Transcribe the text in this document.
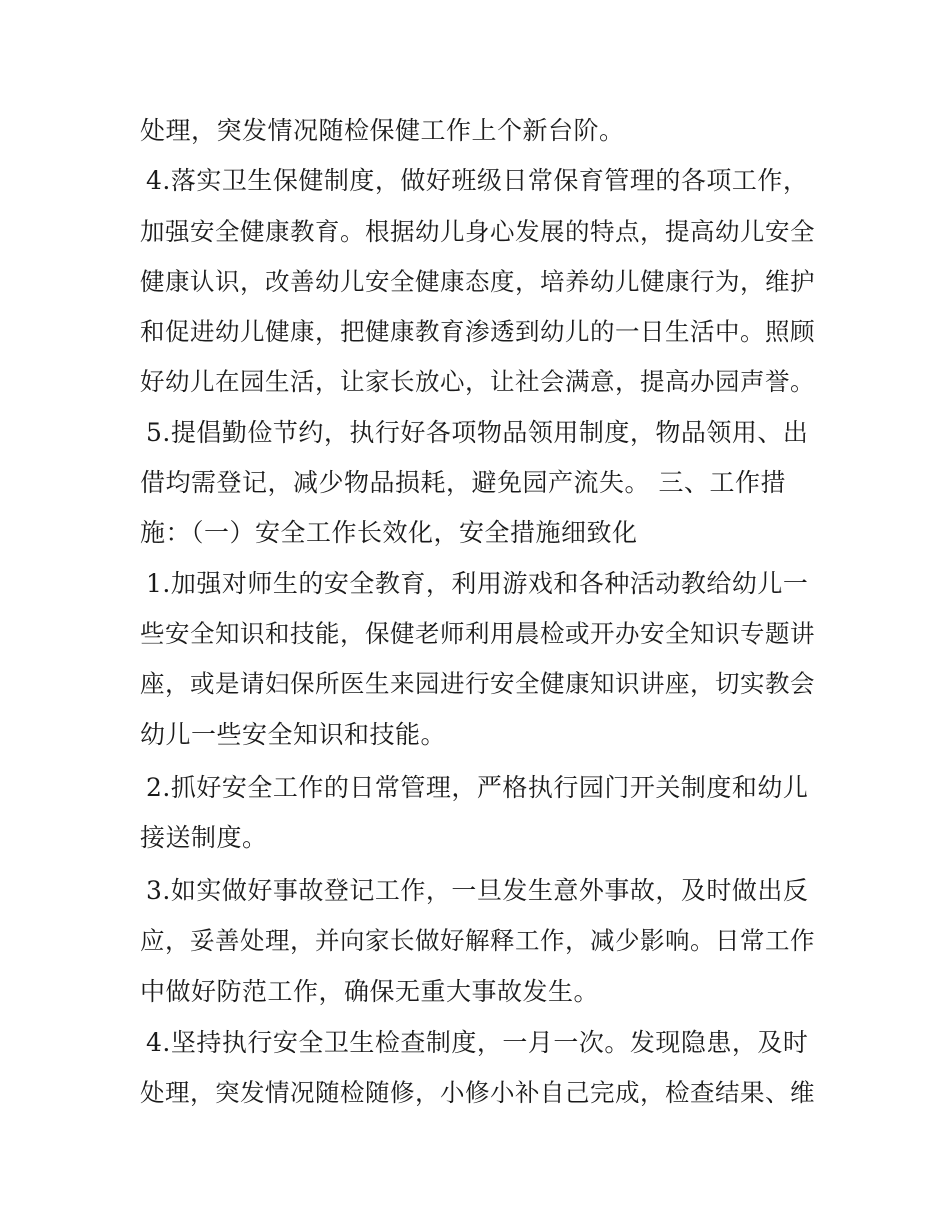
处理，突发情况随检保健工作上个新台阶。
4.落实卫生保健制度，做好班级日常保育管理的各项工作，
加强安全健康教育。根据幼儿身心发展的特点，提高幼儿安全
健康认识，改善幼儿安全健康态度，培养幼儿健康行为，维护
和促进幼儿健康，把健康教育渗透到幼儿的一日生活中。照顾
好幼儿在园生活，让家长放心，让社会满意，提高办园声誉。
5.提倡勤俭节约，执行好各项物品领用制度，物品领用、出
借均需登记，减少物品损耗，避免园产流失。 三、工作措
施：（一）安全工作长效化，安全措施细致化
1.加强对师生的安全教育，利用游戏和各种活动教给幼儿一
些安全知识和技能，保健老师利用晨检或开办安全知识专题讲
座，或是请妇保所医生来园进行安全健康知识讲座，切实教会
幼儿一些安全知识和技能。
2.抓好安全工作的日常管理，严格执行园门开关制度和幼儿
接送制度。
3.如实做好事故登记工作，一旦发生意外事故，及时做出反
应，妥善处理，并向家长做好解释工作，减少影响。日常工作
中做好防范工作，确保无重大事故发生。
4.坚持执行安全卫生检查制度，一月一次。发现隐患，及时
处理，突发情况随检随修，小修小补自己完成，检查结果、维
